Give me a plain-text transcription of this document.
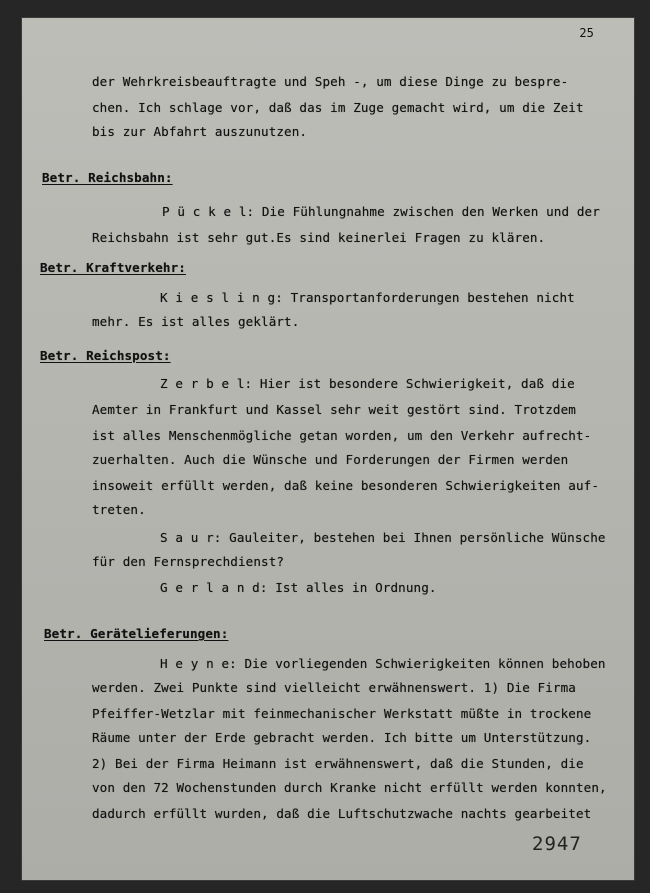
25
der Wehrkreisbeauftragte und Speh -, um diese Dinge zu bespre-
chen. Ich schlage vor, daß das im Zuge gemacht wird, um die Zeit
bis zur Abfahrt auszunutzen.
Betr. Reichsbahn:
P ü c k e l: Die Fühlungnahme zwischen den Werken und der
Reichsbahn ist sehr gut.Es sind keinerlei Fragen zu klären.
Betr. Kraftverkehr:
K i e s l i n g: Transportanforderungen bestehen nicht
mehr. Es ist alles geklärt.
Betr. Reichspost:
Z e r b e l: Hier ist besondere Schwierigkeit, daß die
Aemter in Frankfurt und Kassel sehr weit gestört sind. Trotzdem
ist alles Menschenmögliche getan worden, um den Verkehr aufrecht-
zuerhalten. Auch die Wünsche und Forderungen der Firmen werden
insoweit erfüllt werden, daß keine besonderen Schwierigkeiten auf-
treten.
S a u r: Gauleiter, bestehen bei Ihnen persönliche Wünsche
für den Fernsprechdienst?
G e r l a n d: Ist alles in Ordnung.
Betr. Gerätelieferungen:
H e y n e: Die vorliegenden Schwierigkeiten können behoben
werden. Zwei Punkte sind vielleicht erwähnenswert. 1) Die Firma
Pfeiffer-Wetzlar mit feinmechanischer Werkstatt müßte in trockene
Räume unter der Erde gebracht werden. Ich bitte um Unterstützung.
2) Bei der Firma Heimann ist erwähnenswert, daß die Stunden, die
von den 72 Wochenstunden durch Kranke nicht erfüllt werden konnten,
dadurch erfüllt wurden, daß die Luftschutzwache nachts gearbeitet
2947
